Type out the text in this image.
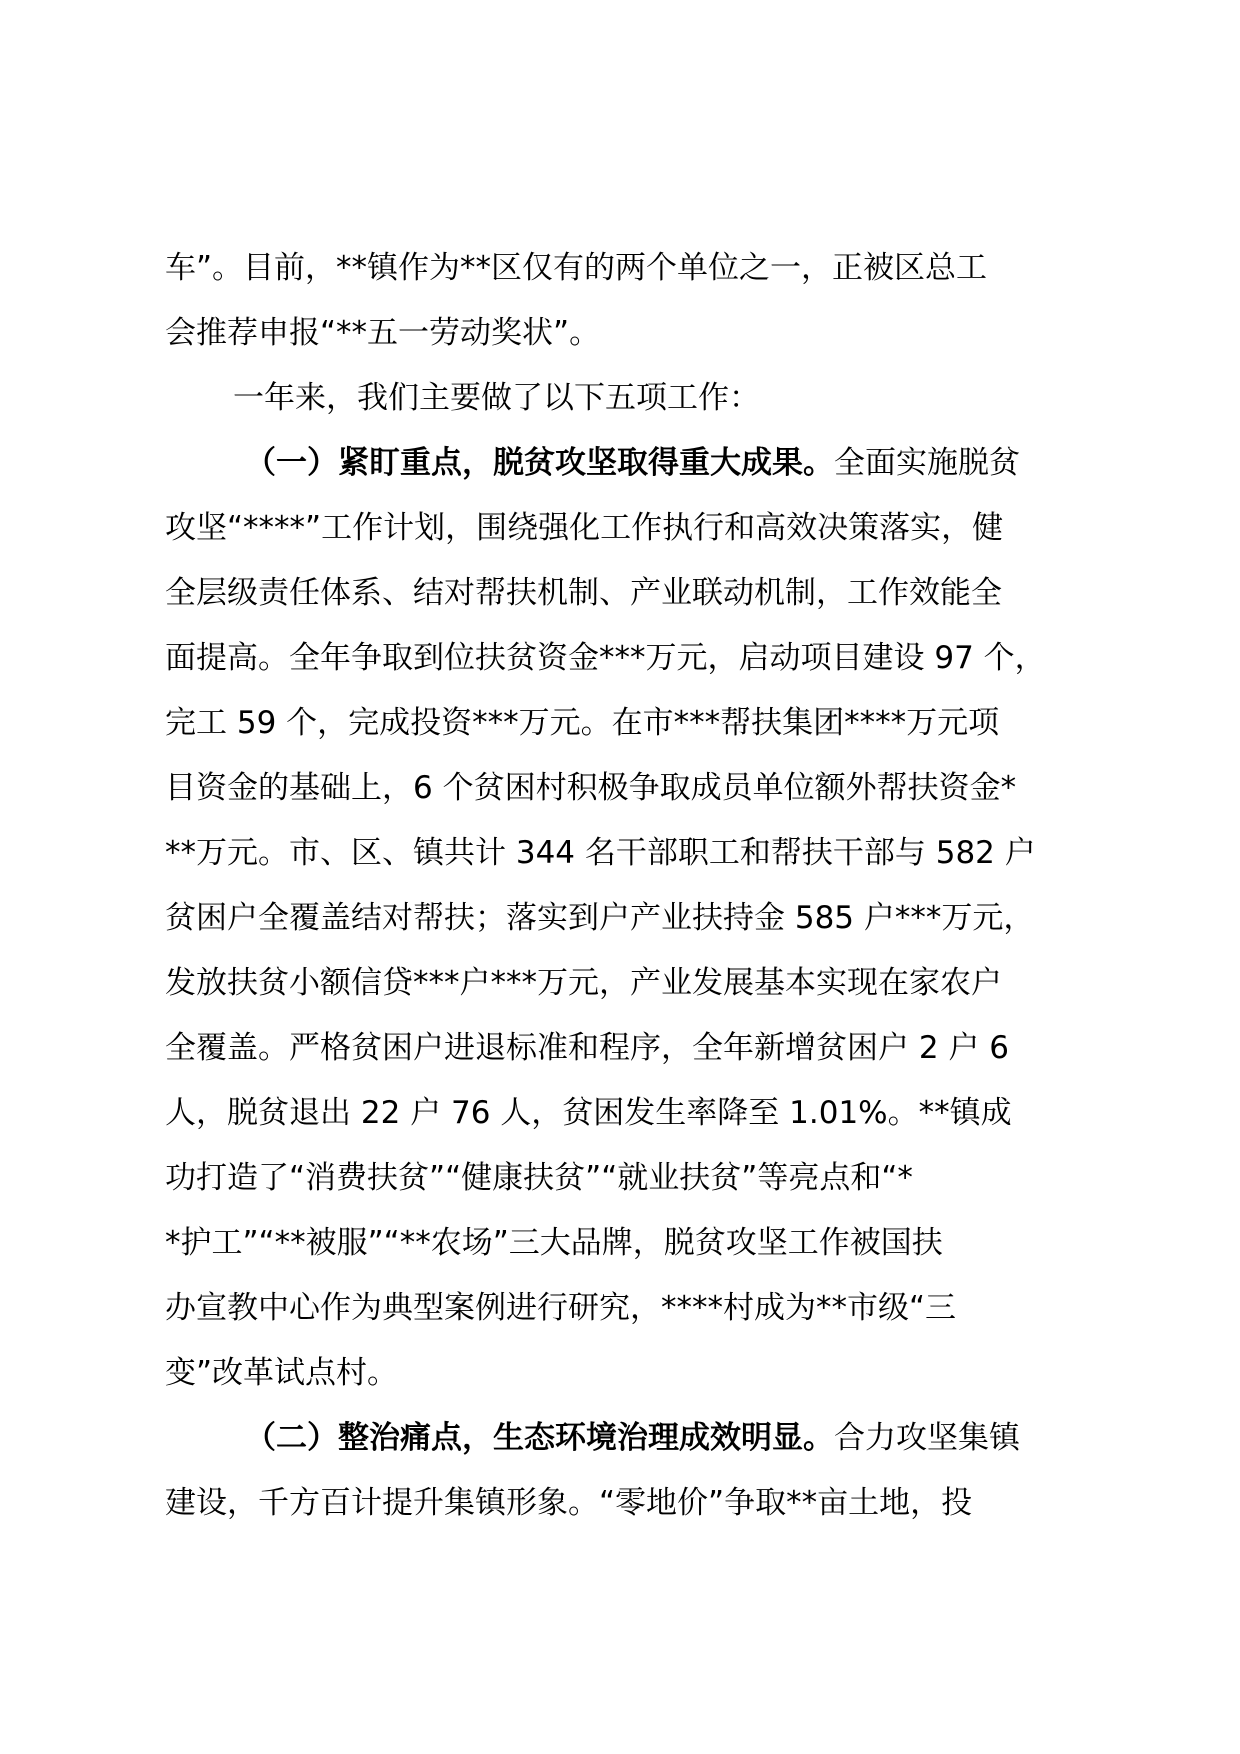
车”。目前，**镇作为**区仅有的两个单位之一，正被区总工
会推荐申报“**五一劳动奖状”。
一年来，我们主要做了以下五项工作：
（一）紧盯重点，脱贫攻坚取得重大成果。全面实施脱贫
攻坚“****”工作计划，围绕强化工作执行和高效决策落实，健
全层级责任体系、结对帮扶机制、产业联动机制，工作效能全
面提高。全年争取到位扶贫资金***万元，启动项目建设 97 个，
完工 59 个，完成投资***万元。在市***帮扶集团****万元项
目资金的基础上，6 个贫困村积极争取成员单位额外帮扶资金*
**万元。市、区、镇共计 344 名干部职工和帮扶干部与 582 户
贫困户全覆盖结对帮扶；落实到户产业扶持金 585 户***万元，
发放扶贫小额信贷***户***万元，产业发展基本实现在家农户
全覆盖。严格贫困户进退标准和程序，全年新增贫困户 2 户 6
人，脱贫退出 22 户 76 人，贫困发生率降至 1.01%。**镇成
功打造了“消费扶贫”“健康扶贫”“就业扶贫”等亮点和“*
*护工”“**被服”“**农场”三大品牌，脱贫攻坚工作被国扶
办宣教中心作为典型案例进行研究，****村成为**市级“三
变”改革试点村。
（二）整治痛点，生态环境治理成效明显。合力攻坚集镇
建设，千方百计提升集镇形象。“零地价”争取**亩土地，投
